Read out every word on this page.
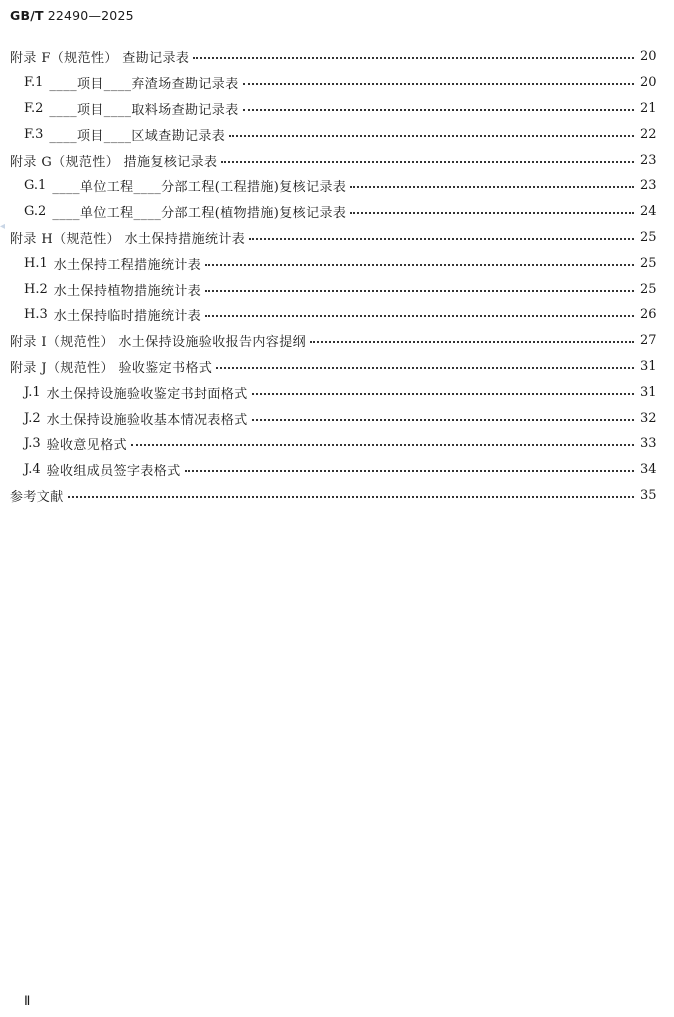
GB/T 22490—2025
◂
附录 F（规范性） 查勘记录表	20
F.1 ____项目____弃渣场查勘记录表	20
F.2 ____项目____取料场查勘记录表	21
F.3 ____项目____区域查勘记录表	22
附录 G（规范性） 措施复核记录表	23
G.1 ____单位工程____分部工程(工程措施)复核记录表	23
G.2 ____单位工程____分部工程(植物措施)复核记录表	24
附录 H（规范性） 水土保持措施统计表	25
H.1 水土保持工程措施统计表	25
H.2 水土保持植物措施统计表	25
H.3 水土保持临时措施统计表	26
附录 I（规范性） 水土保持设施验收报告内容提纲	27
附录 J（规范性） 验收鉴定书格式	31
J.1 水土保持设施验收鉴定书封面格式	31
J.2 水土保持设施验收基本情况表格式	32
J.3 验收意见格式	33
J.4 验收组成员签字表格式	34
参考文献	35
Ⅱ
